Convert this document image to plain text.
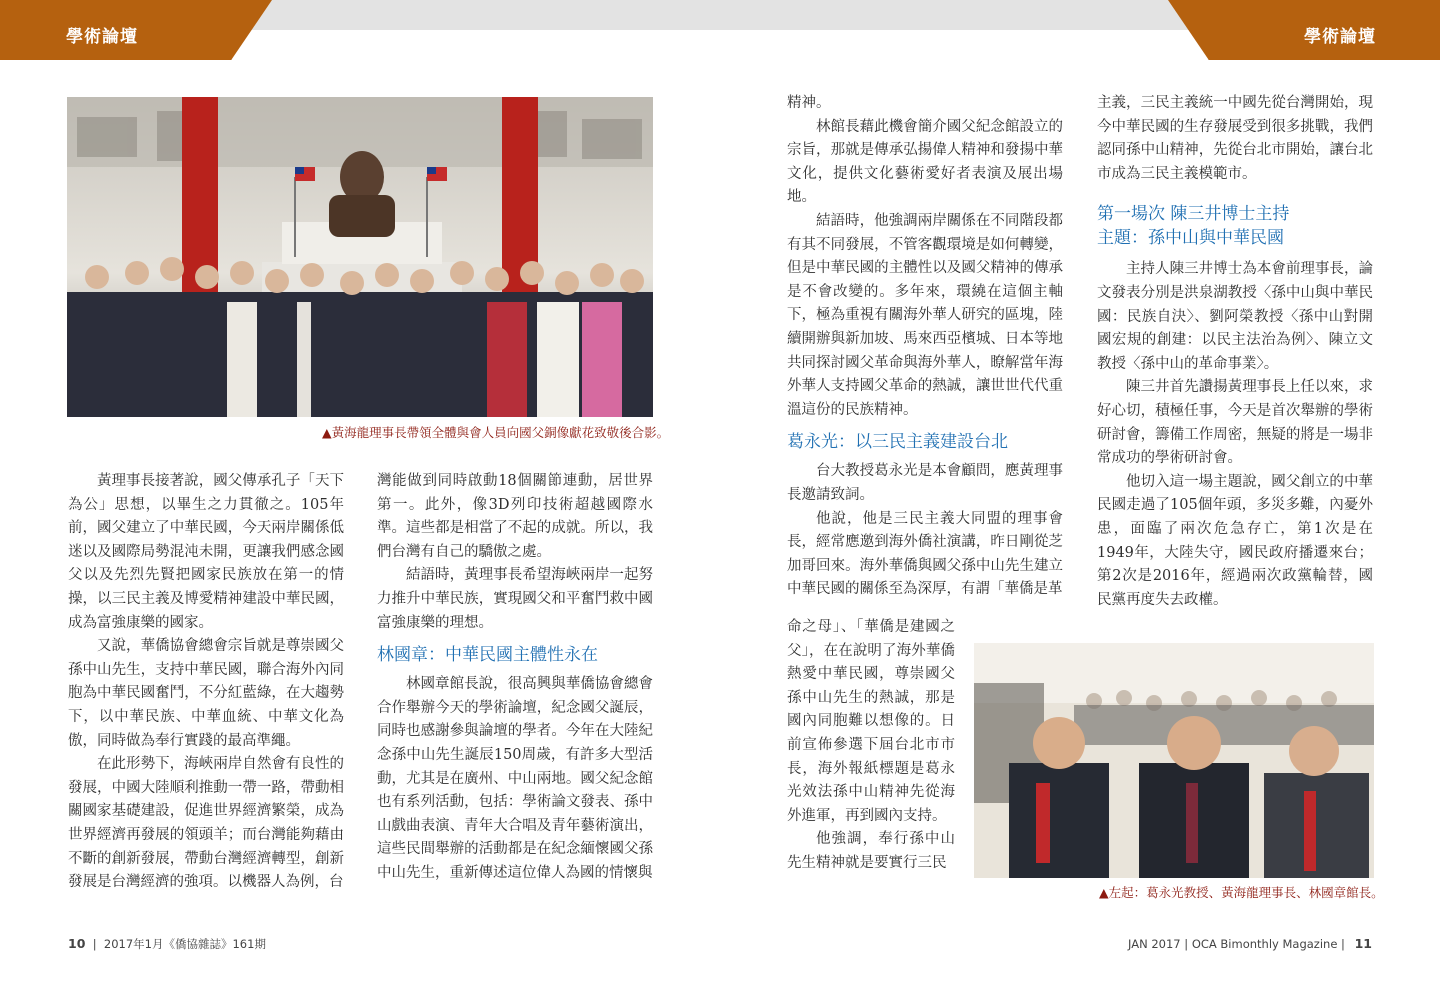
學術論壇	學術論壇
▲黃海龍理事長帶領全體與會人員向國父銅像獻花致敬後合影。

黃理事長接著說，國父傳承孔子「天下為公」思想，以畢生之力貫徹之。105年前，國父建立了中華民國，今天兩岸關係低迷以及國際局勢混沌未開，更讓我們感念國父以及先烈先賢把國家民族放在第一的情操，以三民主義及博愛精神建設中華民國，成為富強康樂的國家。

又說，華僑協會總會宗旨就是尊崇國父孫中山先生，支持中華民國，聯合海外內同胞為中華民國奮鬥，不分紅藍綠，在大趨勢下，以中華民族、中華血統、中華文化為傲，同時做為奉行實踐的最高準繩。

在此形勢下，海峽兩岸自然會有良性的發展，中國大陸順利推動一帶一路，帶動相關國家基礎建設，促進世界經濟繁榮，成為世界經濟再發展的領頭羊；而台灣能夠藉由不斷的創新發展，帶動台灣經濟轉型，創新發展是台灣經濟的強項。以機器人為例，台

灣能做到同時啟動18個關節連動，居世界第一。此外，像3D列印技術超越國際水準。這些都是相當了不起的成就。所以，我們台灣有自己的驕傲之處。

結語時，黃理事長希望海峽兩岸一起努力推升中華民族，實現國父和平奮鬥救中國富強康樂的理想。

林國章：中華民國主體性永在

林國章館長說，很高興與華僑協會總會合作舉辦今天的學術論壇，紀念國父誕辰，同時也感謝參與論壇的學者。今年在大陸紀念孫中山先生誕辰150周歲，有許多大型活動，尤其是在廣州、中山兩地。國父紀念館也有系列活動，包括：學術論文發表、孫中山戲曲表演、青年大合唱及青年藝術演出，這些民間舉辦的活動都是在紀念緬懷國父孫中山先生，重新傳述這位偉人為國的情懷與

精神。

林館長藉此機會簡介國父紀念館設立的宗旨，那就是傳承弘揚偉人精神和發揚中華文化，提供文化藝術愛好者表演及展出場地。

結語時，他強調兩岸關係在不同階段都有其不同發展，不管客觀環境是如何轉變，但是中華民國的主體性以及國父精神的傳承是不會改變的。多年來，環繞在這個主軸下，極為重視有關海外華人研究的區塊，陸續開辦與新加坡、馬來西亞檳城、日本等地共同探討國父革命與海外華人，瞭解當年海外華人支持國父革命的熱誠，讓世世代代重溫這份的民族精神。

葛永光：以三民主義建設台北

台大教授葛永光是本會顧問，應黃理事長邀請致詞。

他說，他是三民主義大同盟的理事會長，經常應邀到海外僑社演講，昨日剛從芝加哥回來。海外華僑與國父孫中山先生建立中華民國的關係至為深厚，有謂「華僑是革

命之母」、「華僑是建國之父」，在在說明了海外華僑熱愛中華民國，尊崇國父孫中山先生的熱誠，那是國內同胞難以想像的。日前宣佈參選下屆台北市市長，海外報紙標題是葛永光效法孫中山精神先從海外進軍，再到國內支持。

他強調，奉行孫中山先生精神就是要實行三民

主義，三民主義統一中國先從台灣開始，現今中華民國的生存發展受到很多挑戰，我們認同孫中山精神，先從台北市開始，讓台北市成為三民主義模範市。

第一場次 陳三井博士主持
主題：孫中山與中華民國

主持人陳三井博士為本會前理事長，論文發表分別是洪泉湖教授〈孫中山與中華民國：民族自決〉、劉阿榮教授〈孫中山對開國宏規的創建：以民主法治為例〉、陳立文教授〈孫中山的革命事業〉。

陳三井首先讚揚黃理事長上任以來，求好心切，積極任事，今天是首次舉辦的學術研討會，籌備工作周密，無疑的將是一場非常成功的學術研討會。

他切入這一場主題說，國父創立的中華民國走過了105個年頭，多災多難，內憂外患，面臨了兩次危急存亡，第1次是在1949年，大陸失守，國民政府播遷來台；第2次是2016年，經過兩次政黨輪替，國民黨再度失去政權。

▲左起：葛永光教授、黃海龍理事長、林國章館長。
10  |  2017年1月《僑協雜誌》161期	JAN 2017 | OCA Bimonthly Magazine | 11
